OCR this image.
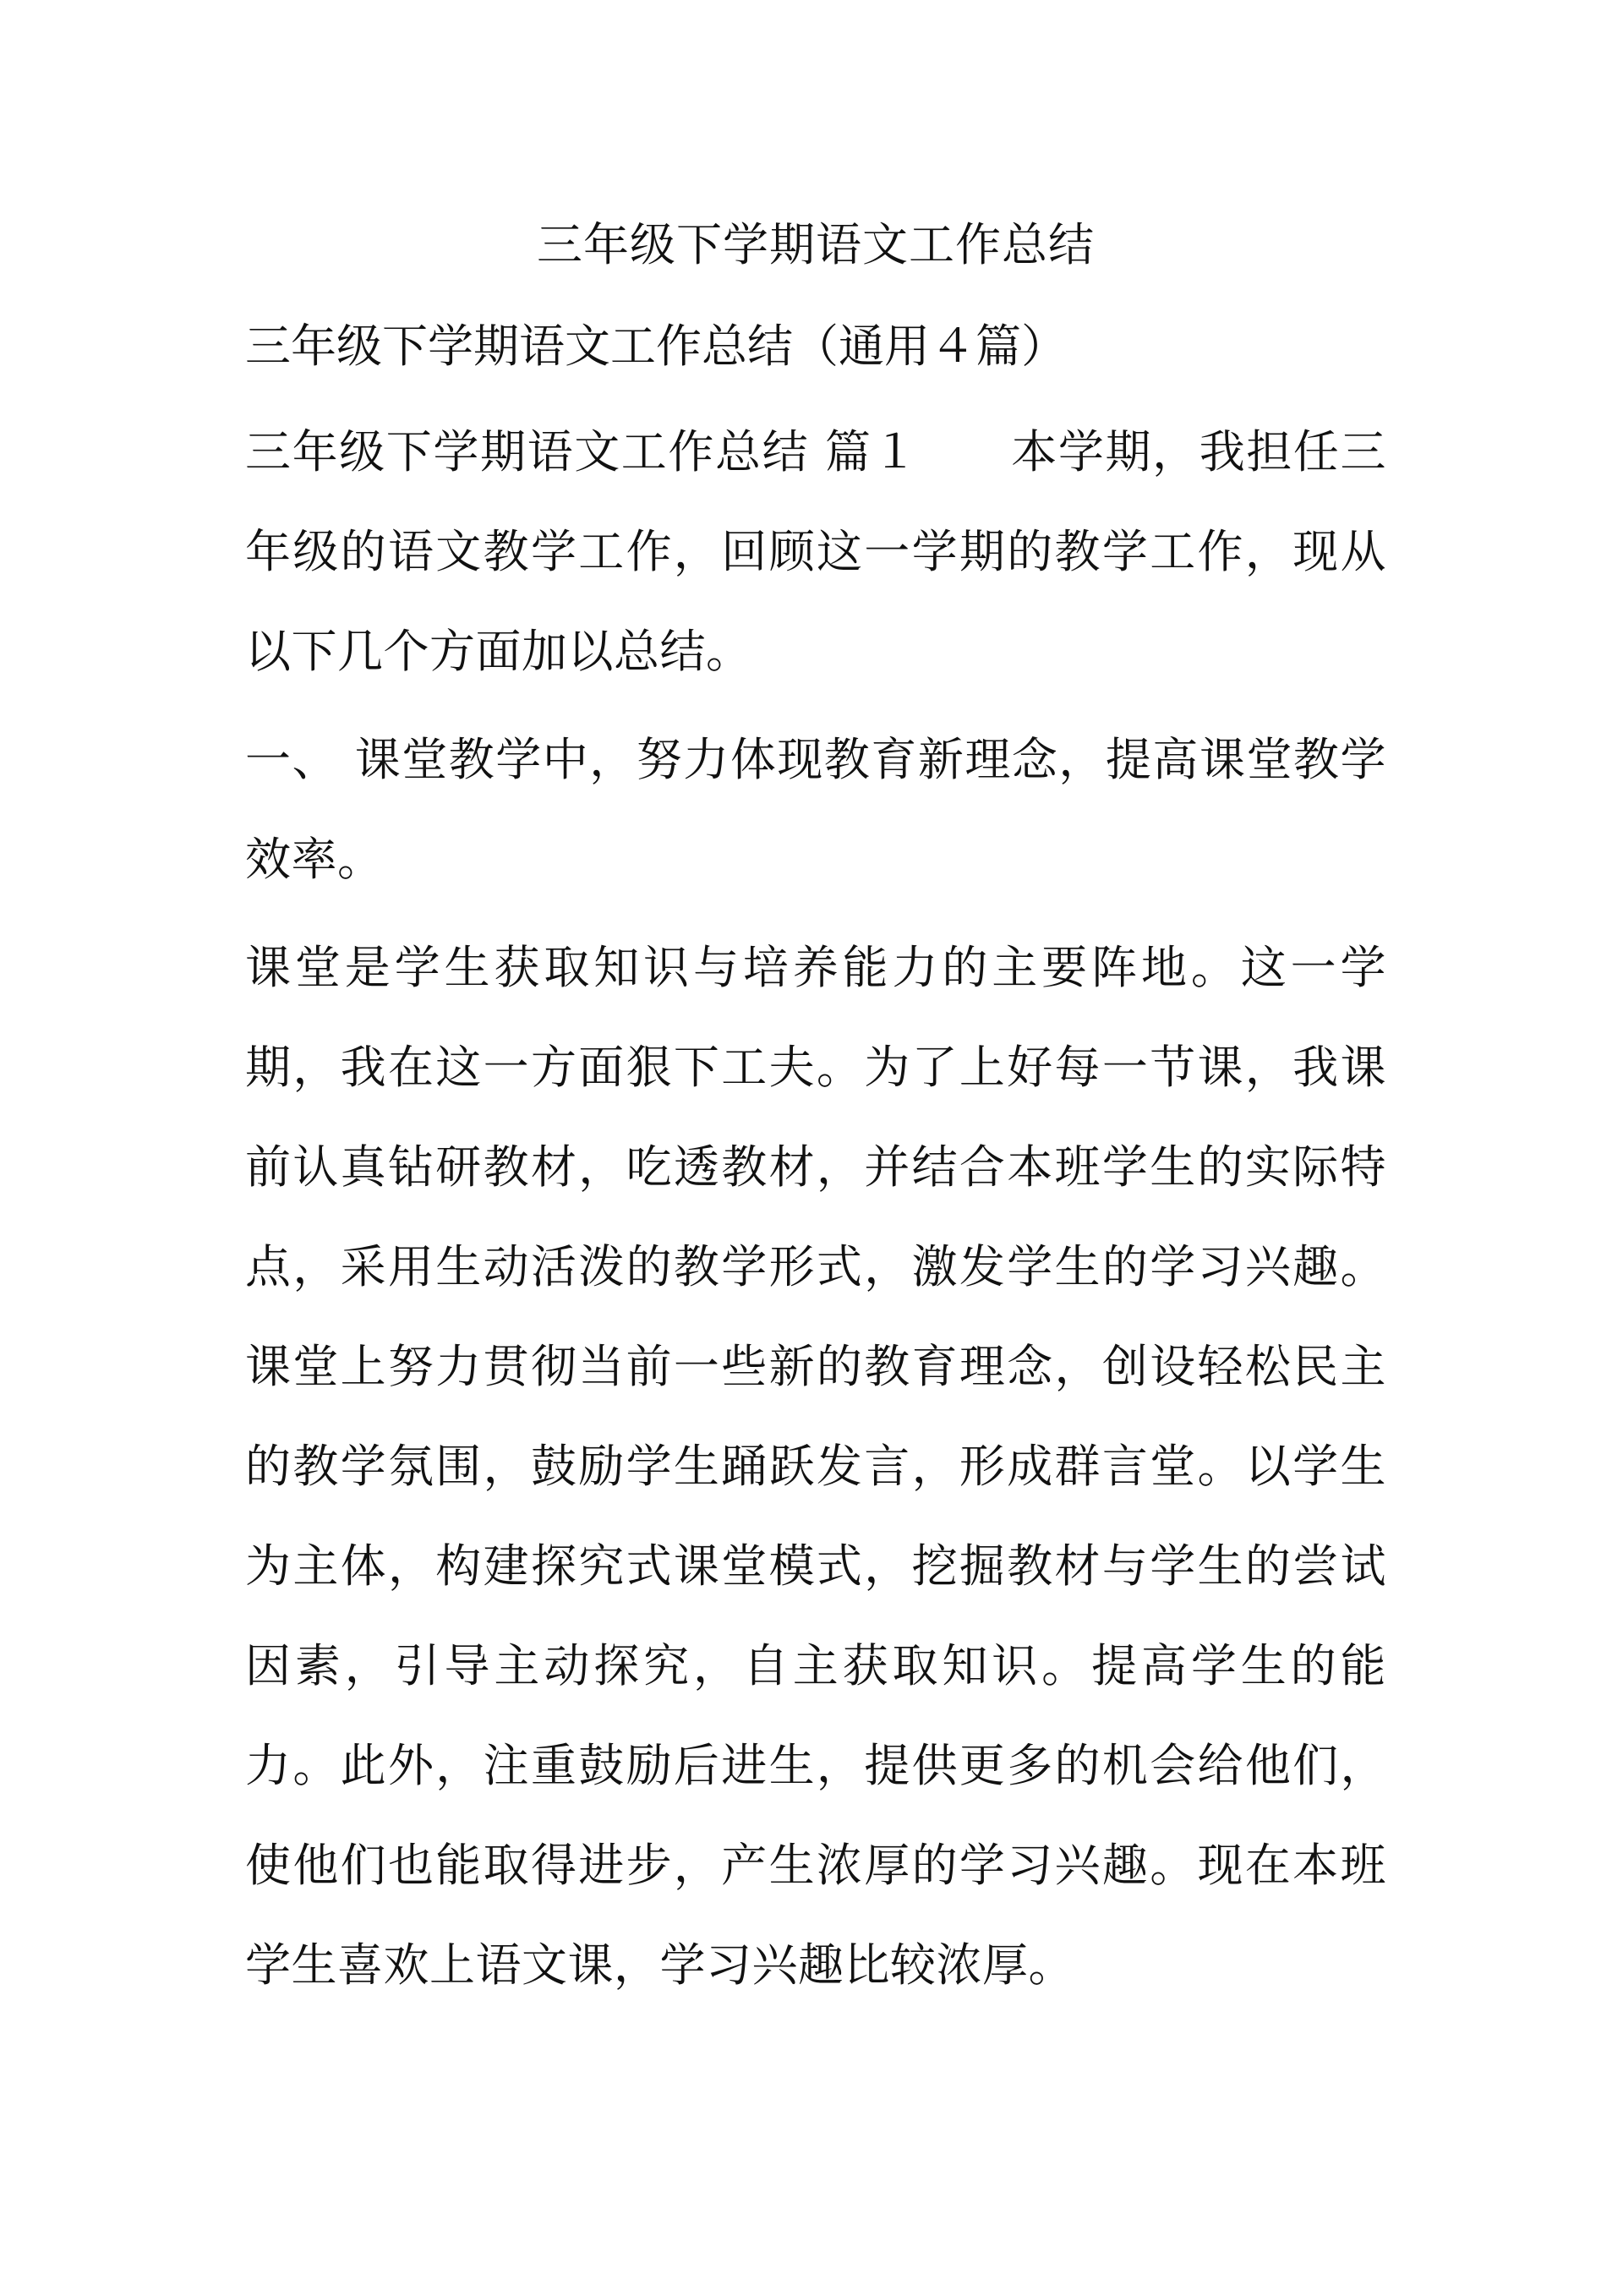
三年级下学期语文工作总结

三年级下学期语文工作总结（通用４篇）

三年级下学期语文工作总结 篇１ 本学期，我担任三年级的语文教学工作，回顾这一学期的教学工作，现从以下几个方面加以总结。

一、 课堂教学中，努力体现教育新理念，提高课堂教学效率。

课堂是学生获取知识与培养能力的主要阵地。这一学期，我在这一方面狠下工夫。为了上好每一节课，我课前认真钻研教材，吃透教材，并结合本班学生的实际特点，采用生动活泼的教学形式，激发学生的学习兴趣。课堂上努力贯彻当前一些新的教育理念，创设轻松民主的教学氛围，鼓励学生踊跃发言，形成群言堂。以学生为主体，构建探究式课堂模式，挖掘教材与学生的尝试因素，引导主动探究，自主获取知识。提高学生的能力。此外，注重鼓励后进生，提供更多的机会给他们，使他们也能取得进步，产生浓厚的学习兴趣。现在本班学生喜欢上语文课，学习兴趣比较浓厚。
